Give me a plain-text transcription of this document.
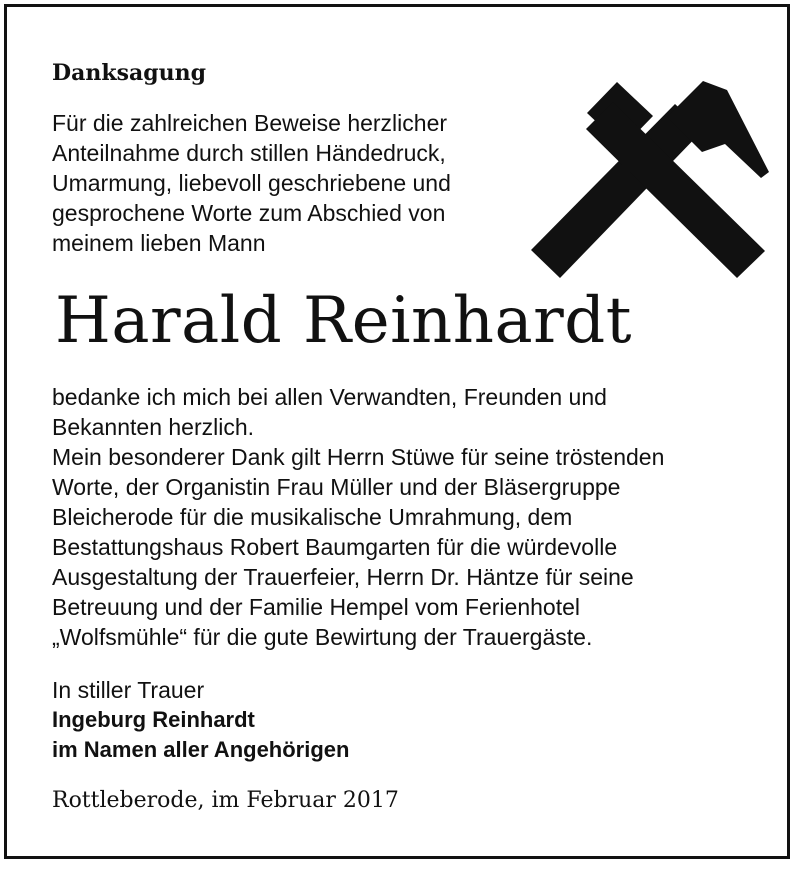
Danksagung
Für die zahlreichen Beweise herzlicher
Anteilnahme durch stillen Händedruck,
Umarmung, liebevoll geschriebene und
gesprochene Worte zum Abschied von
meinem lieben Mann
Harald Reinhardt
bedanke ich mich bei allen Verwandten, Freunden und
Bekannten herzlich.
Mein besonderer Dank gilt Herrn Stüwe für seine tröstenden
Worte, der Organistin Frau Müller und der Bläsergruppe
Bleicherode für die musikalische Umrahmung, dem
Bestattungshaus Robert Baumgarten für die würdevolle
Ausgestaltung der Trauerfeier, Herrn Dr. Häntze für seine
Betreuung und der Familie Hempel vom Ferienhotel
„Wolfsmühle“ für die gute Bewirtung der Trauergäste.
In stiller Trauer
Ingeburg Reinhardt
im Namen aller Angehörigen
Rottleberode, im Februar 2017
